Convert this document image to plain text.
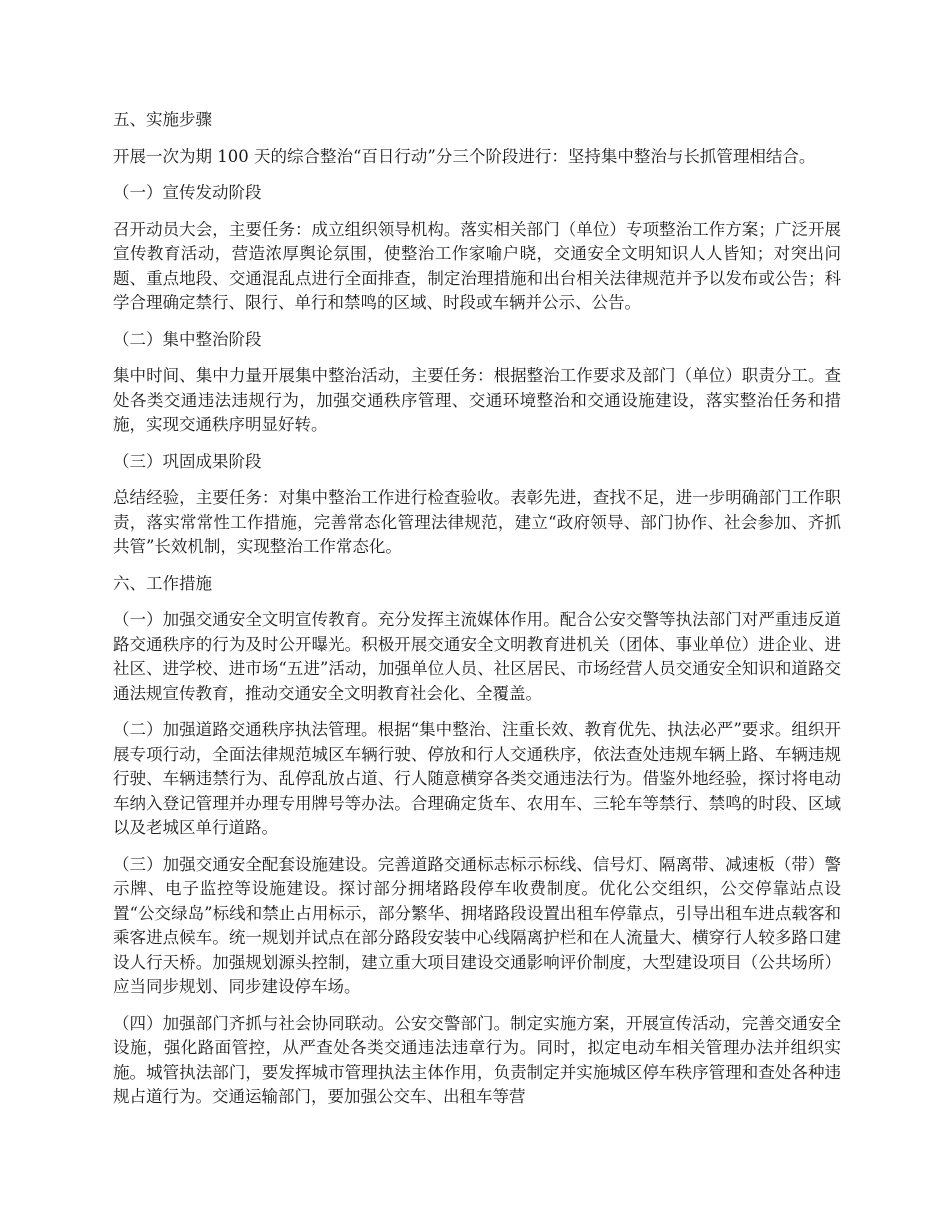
五、实施步骤

开展一次为期 100 天的综合整治“百日行动”分三个阶段进行：坚持集中整治与长抓管理相结合。

（一）宣传发动阶段

召开动员大会，主要任务：成立组织领导机构。落实相关部门（单位）专项整治工作方案；广泛开展宣传教育活动，营造浓厚舆论氛围，使整治工作家喻户晓，交通安全文明知识人人皆知；对突出问题、重点地段、交通混乱点进行全面排查，制定治理措施和出台相关法律规范并予以发布或公告；科学合理确定禁行、限行、单行和禁鸣的区域、时段或车辆并公示、公告。

（二）集中整治阶段

集中时间、集中力量开展集中整治活动，主要任务：根据整治工作要求及部门（单位）职责分工。查处各类交通违法违规行为，加强交通秩序管理、交通环境整治和交通设施建设，落实整治任务和措施，实现交通秩序明显好转。

（三）巩固成果阶段

总结经验，主要任务：对集中整治工作进行检查验收。表彰先进，查找不足，进一步明确部门工作职责，落实常常性工作措施，完善常态化管理法律规范，建立“政府领导、部门协作、社会参加、齐抓共管”长效机制，实现整治工作常态化。

六、工作措施

（一）加强交通安全文明宣传教育。充分发挥主流媒体作用。配合公安交警等执法部门对严重违反道路交通秩序的行为及时公开曝光。积极开展交通安全文明教育进机关（团体、事业单位）进企业、进社区、进学校、进市场“五进”活动，加强单位人员、社区居民、市场经营人员交通安全知识和道路交通法规宣传教育，推动交通安全文明教育社会化、全覆盖。

（二）加强道路交通秩序执法管理。根据“集中整治、注重长效、教育优先、执法必严”要求。组织开展专项行动，全面法律规范城区车辆行驶、停放和行人交通秩序，依法查处违规车辆上路、车辆违规行驶、车辆违禁行为、乱停乱放占道、行人随意横穿各类交通违法行为。借鉴外地经验，探讨将电动车纳入登记管理并办理专用牌号等办法。合理确定货车、农用车、三轮车等禁行、禁鸣的时段、区域以及老城区单行道路。

（三）加强交通安全配套设施建设。完善道路交通标志标示标线、信号灯、隔离带、减速板（带）警示牌、电子监控等设施建设。探讨部分拥堵路段停车收费制度。优化公交组织，公交停靠站点设置“公交绿岛”标线和禁止占用标示，部分繁华、拥堵路段设置出租车停靠点，引导出租车进点载客和乘客进点候车。统一规划并试点在部分路段安装中心线隔离护栏和在人流量大、横穿行人较多路口建设人行天桥。加强规划源头控制，建立重大项目建设交通影响评价制度，大型建设项目（公共场所）应当同步规划、同步建设停车场。

（四）加强部门齐抓与社会协同联动。公安交警部门。制定实施方案，开展宣传活动，完善交通安全设施，强化路面管控，从严查处各类交通违法违章行为。同时，拟定电动车相关管理办法并组织实施。城管执法部门，要发挥城市管理执法主体作用，负责制定并实施城区停车秩序管理和查处各种违规占道行为。交通运输部门，要加强公交车、出租车等营
